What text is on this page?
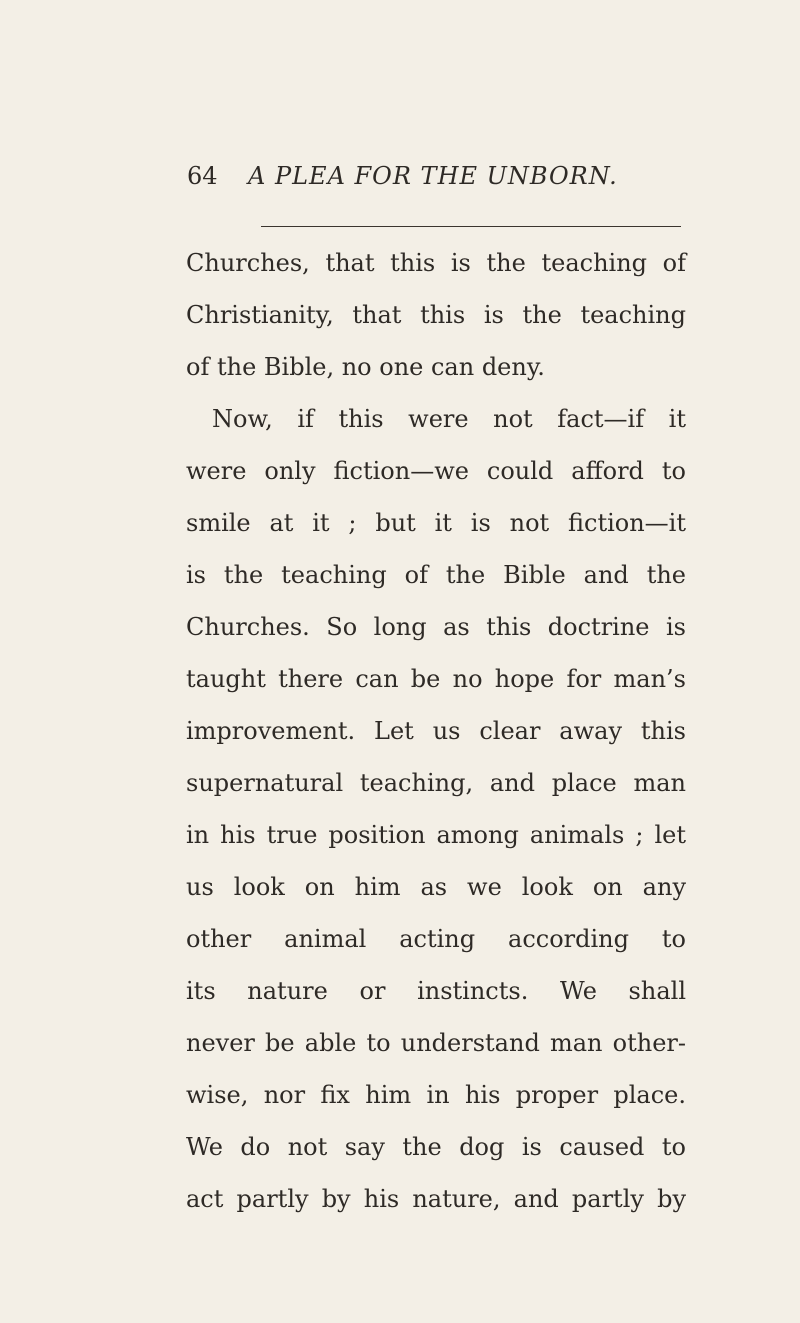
64 A PLEA FOR THE UNBORN.
Churches, that this is the teaching of
Christianity, that this is the teaching
of the Bible, no one can deny.
Now, if this were not fact—if it
were only fiction—we could afford to
smile at it ; but it is not fiction—it
is the teaching of the Bible and the
Churches. So long as this doctrine is
taught there can be no hope for man’s
improvement. Let us clear away this
supernatural teaching, and place man
in his true position among animals ; let
us look on him as we look on any
other animal acting according to
its nature or instincts. We shall
never be able to understand man other-
wise, nor fix him in his proper place.
We do not say the dog is caused to
act partly by his nature, and partly by
